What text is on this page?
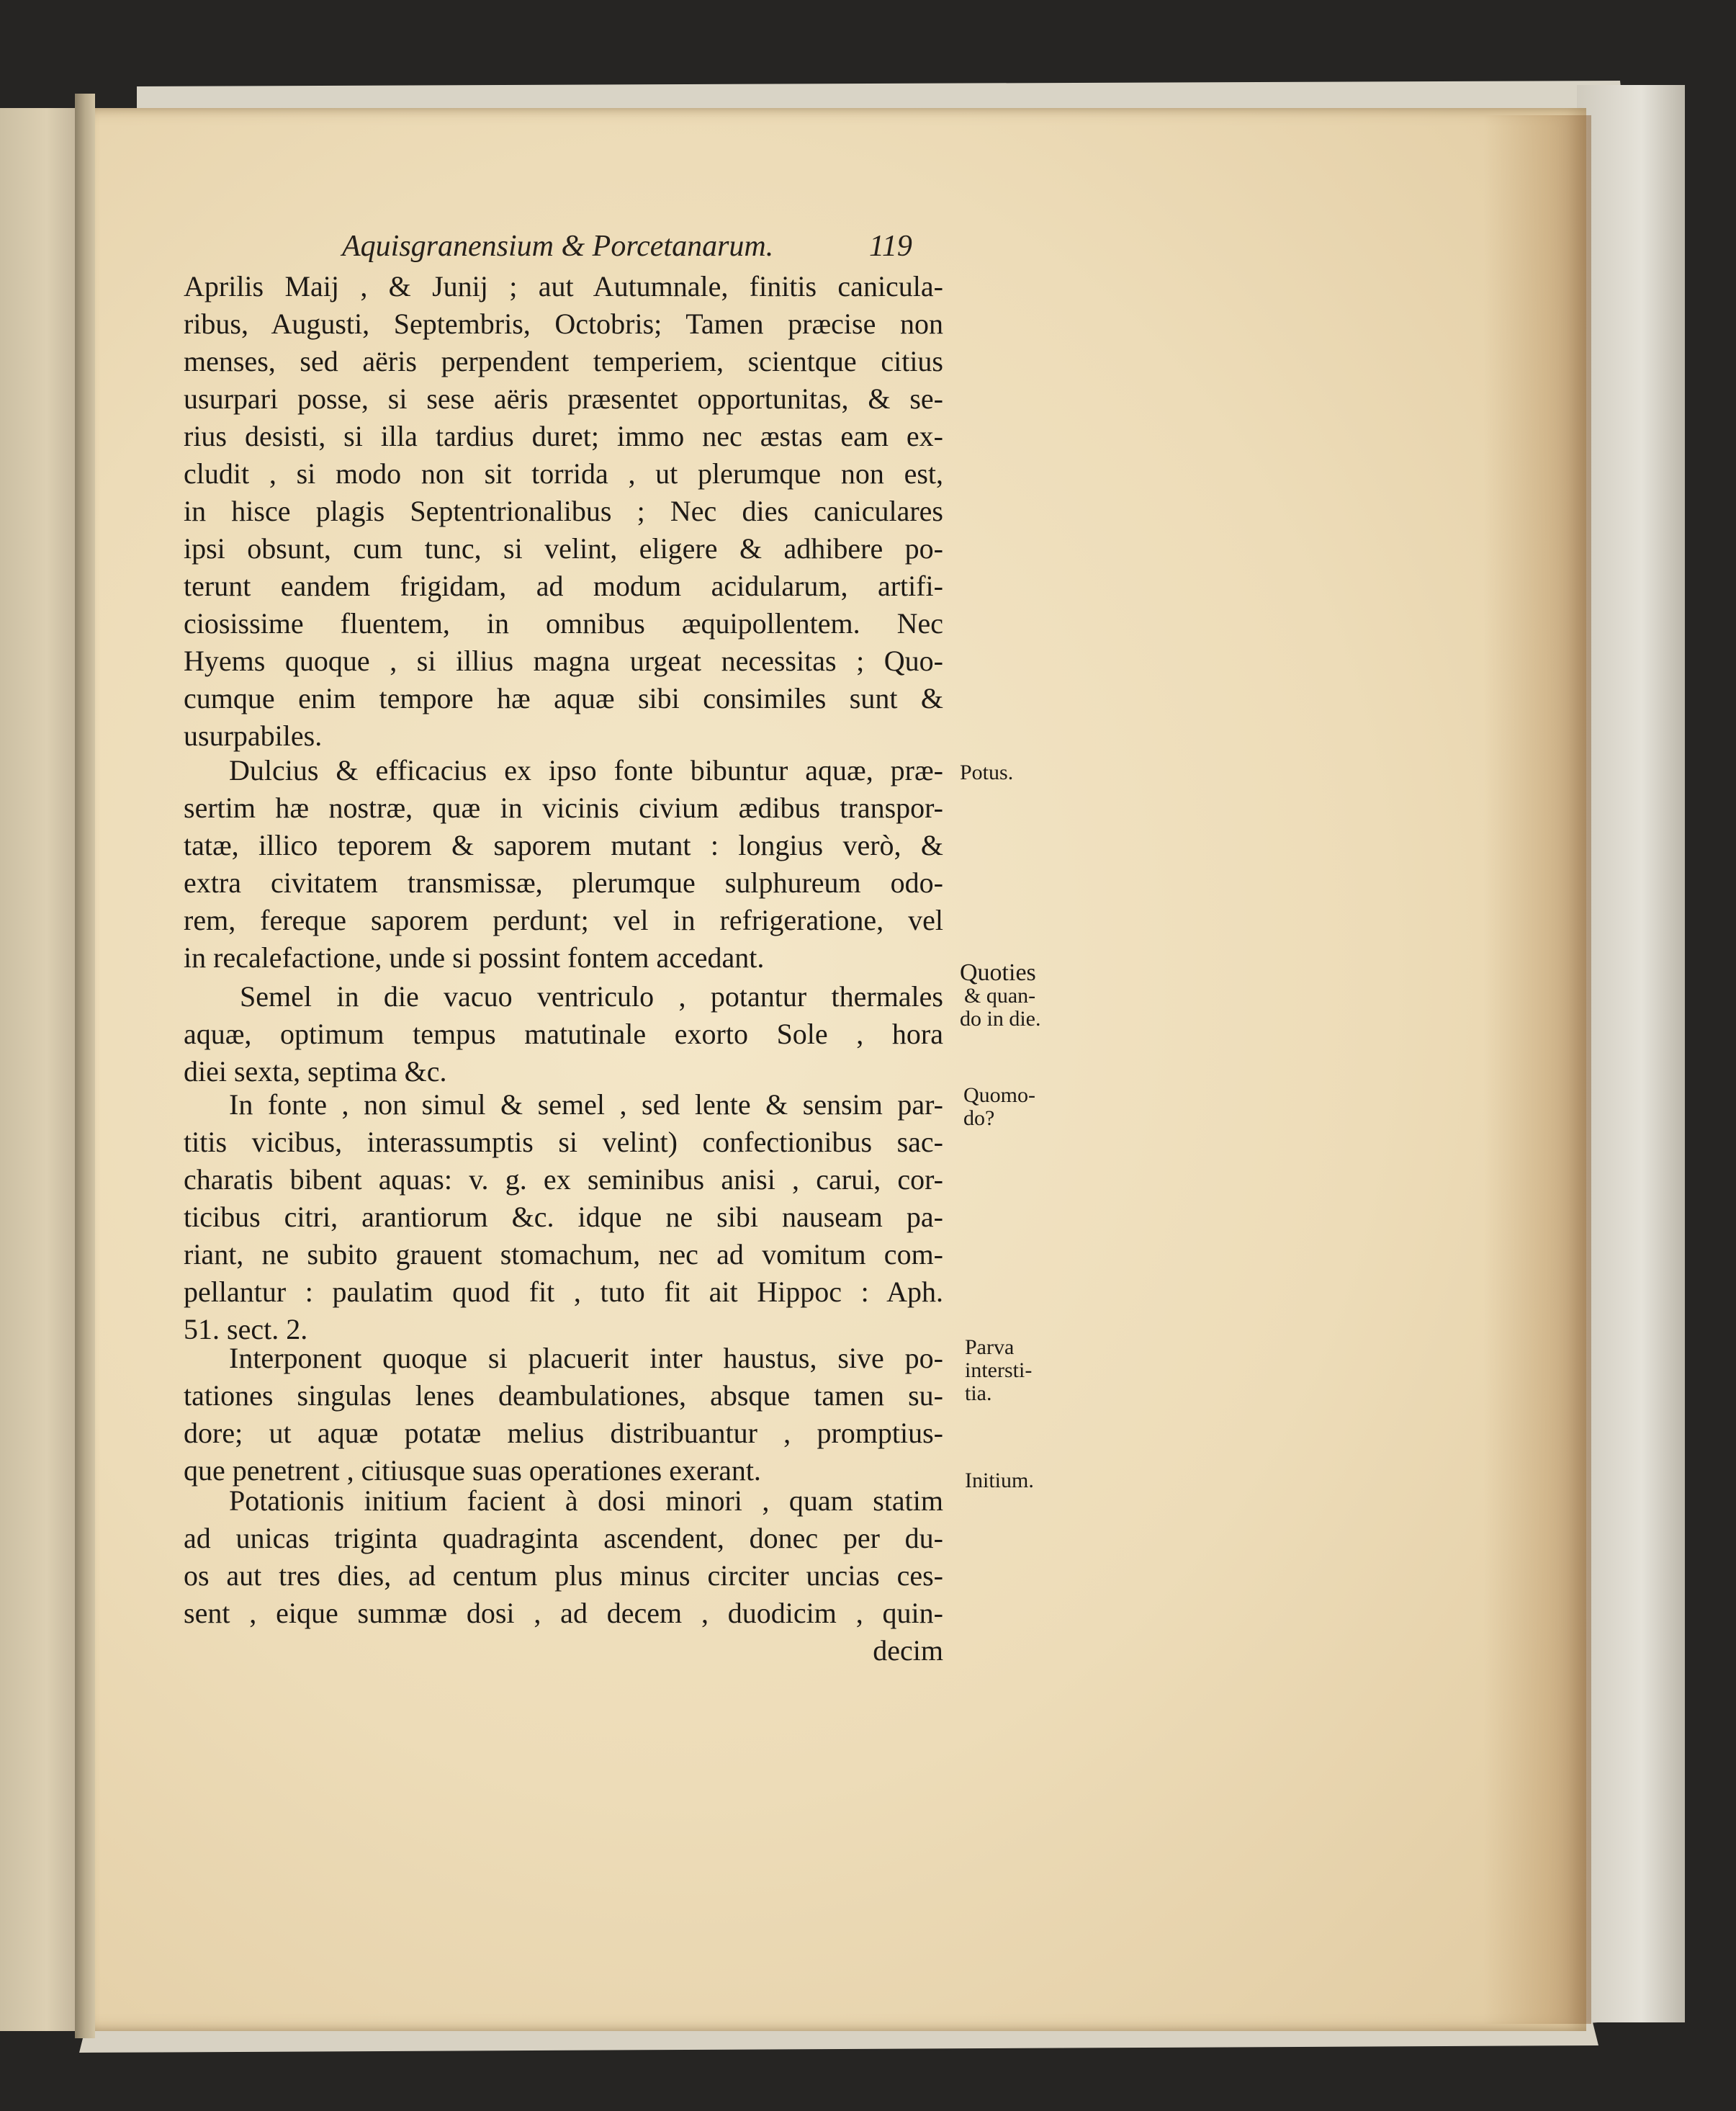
Aquisgranensium & Porcetanarum.	119
Aprilis Maij , & Junij ; aut Autumnale, finitis canicula-
ribus, Augusti, Septembris, Octobris; Tamen præcise non
menses, sed aëris perpendent temperiem, scientque citius
usurpari posse, si sese aëris præsentet opportunitas, & se-
rius desisti, si illa tardius duret; immo nec æstas eam ex-
cludit , si modo non sit torrida , ut plerumque non est,
in hisce plagis Septentrionalibus ; Nec dies caniculares
ipsi obsunt, cum tunc, si velint, eligere & adhibere po-
terunt eandem frigidam, ad modum acidularum, artifi-
ciosissime fluentem, in omnibus æquipollentem. Nec
Hyems quoque , si illius magna urgeat necessitas ; Quo-
cumque enim tempore hæ aquæ sibi consimiles sunt &
usurpabiles.
Dulcius & efficacius ex ipso fonte bibuntur aquæ, præ-
sertim hæ nostræ, quæ in vicinis civium ædibus transpor-
tatæ, illico teporem & saporem mutant : longius verò, &
extra civitatem transmissæ, plerumque sulphureum odo-
rem, fereque saporem perdunt; vel in refrigeratione, vel
in recalefactione, unde si possint fontem accedant.
Semel in die vacuo ventriculo , potantur thermales
aquæ, optimum tempus matutinale exorto Sole , hora
diei sexta, septima &c.
In fonte , non simul & semel , sed lente & sensim par-
titis vicibus, interassumptis si velint) confectionibus sac-
charatis bibent aquas: v. g. ex seminibus anisi , carui, cor-
ticibus citri, arantiorum &c. idque ne sibi nauseam pa-
riant, ne subito grauent stomachum, nec ad vomitum com-
pellantur : paulatim quod fit , tuto fit ait Hippoc : Aph.
51. sect. 2.
Interponent quoque si placuerit inter haustus, sive po-
tationes singulas lenes deambulationes, absque tamen su-
dore; ut aquæ potatæ melius distribuantur , promptius-
que penetrent , citiusque suas operationes exerant.
Potationis initium facient à dosi minori , quam statim
ad unicas triginta quadraginta ascendent, donec per du-
os aut tres dies, ad centum plus minus circiter uncias ces-
sent , eique summæ dosi , ad decem , duodicim , quin-
decim
Potus.
Quoties
& quan-
do in die.
Quomo-
do?
Parva
intersti-
tia.
Initium.
